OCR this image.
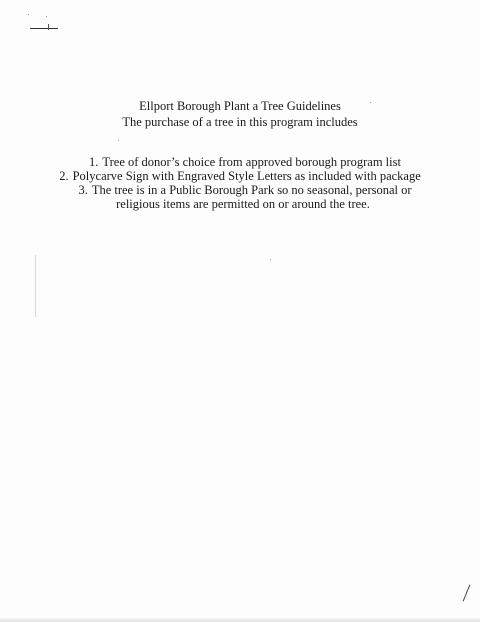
Ellport Borough Plant a Tree Guidelines

The purchase of a tree in this program includes

1. Tree of donor’s choice from approved borough program list

2. Polycarve Sign with Engraved Style Letters as included with package

3. The tree is in a Public Borough Park so no seasonal, personal or

religious items are permitted on or around the tree.
